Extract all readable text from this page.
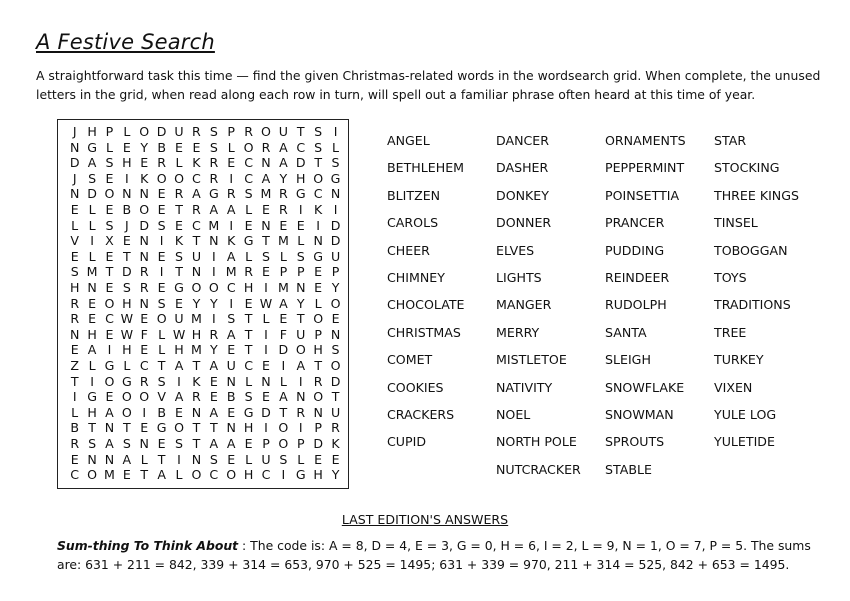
A Festive Search
A straightforward task this time — find the given Christmas-related words in the wordsearch grid. When complete, the unused letters in the grid, when read along each row in turn, will spell out a familiar phrase often heard at this time of year.
J H P L O D U R S P R O U T S I
N G L E Y B E E S L O R A C S L
D A S H E R L K R E C N A D T S
J S E I K O O C R I C A Y H O G
N D O N N E R A G R S M R G C N
E L E B O E T R A A L E R I K I
L L S J D S E C M I E N E E I D
V I X E N I K T N K G T M L N D
E L E T N E S U I A L S L S G U
S M T D R I T N I M R E P P E P
H N E S R E G O O C H I M N E Y
R E O H N S E Y Y I E W A Y L O
R E C W E O U M I S T L E T O E
N H E W F L W H R A T I F U P N
E A I H E L H M Y E T I D O H S
Z L G L C T A T A U C E I A T O
T I O G R S I K E N L N L I R D
I G E O O V A R E B S E A N O T
L H A O I B E N A E G D T R N U
B T N T E G O T T N H I O I P R
R S A S N E S T A A E P O P D K
E N N A L T I N S E L U S L E E
C O M E T A L O C O H C I G H Y
ANGEL
BETHLEHEM
BLITZEN
CAROLS
CHEER
CHIMNEY
CHOCOLATE
CHRISTMAS
COMET
COOKIES
CRACKERS
CUPID
DANCER
DASHER
DONKEY
DONNER
ELVES
LIGHTS
MANGER
MERRY
MISTLETOE
NATIVITY
NOEL
NORTH POLE
NUTCRACKER
ORNAMENTS
PEPPERMINT
POINSETTIA
PRANCER
PUDDING
REINDEER
RUDOLPH
SANTA
SLEIGH
SNOWFLAKE
SNOWMAN
SPROUTS
STABLE
STAR
STOCKING
THREE KINGS
TINSEL
TOBOGGAN
TOYS
TRADITIONS
TREE
TURKEY
VIXEN
YULE LOG
YULETIDE
LAST EDITION'S ANSWERS
Sum-thing To Think About : The code is: A = 8, D = 4, E = 3, G = 0, H = 6, I = 2, L = 9, N = 1, O = 7, P = 5. The sums are: 631 + 211 = 842, 339 + 314 = 653, 970 + 525 = 1495; 631 + 339 = 970, 211 + 314 = 525, 842 + 653 = 1495.
